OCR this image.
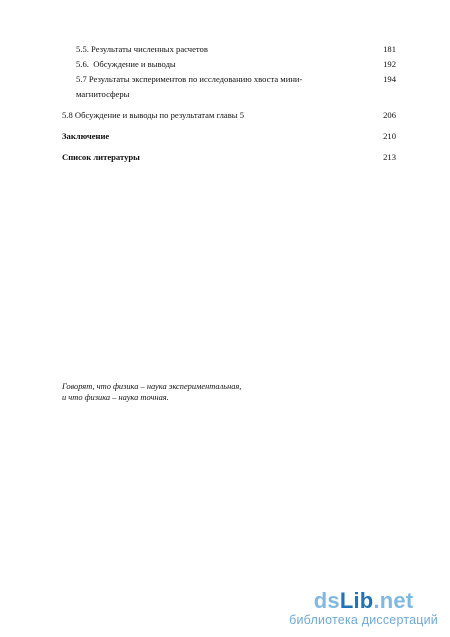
5.5. Результаты численных расчетов	181
5.6.  Обсуждение и выводы	192
5.7 Результаты экспериментов по исследованию хвоста мини-	194
магнитосферы
5.8 Обсуждение и выводы по результатам главы 5	206
Заключение	210
Список литературы	213
Говорят, что физика – наука экспериментальная,
и что физика – наука точная.
dsLib.net
библиотека диссертаций
